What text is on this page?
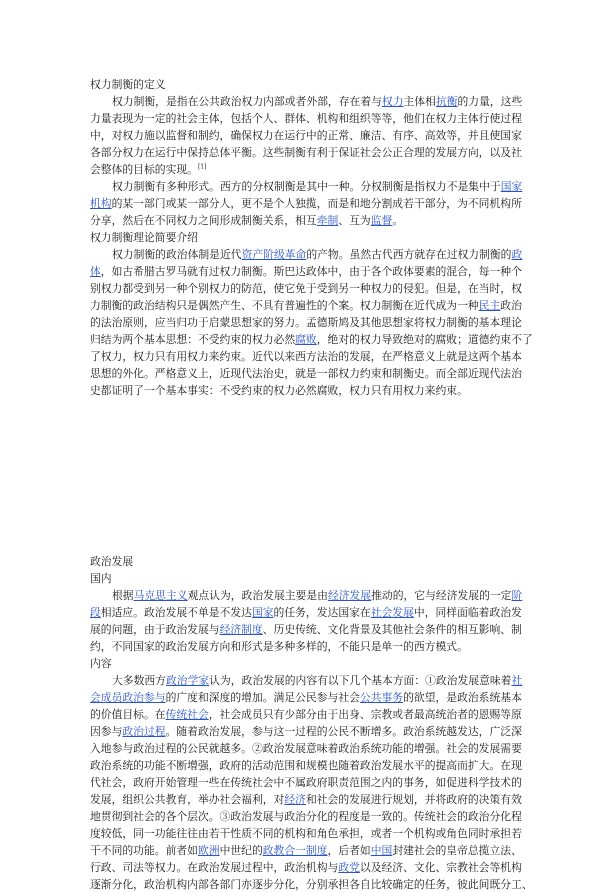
权力制衡的定义
权力制衡，是指在公共政治权力内部或者外部，存在着与权力主体相抗衡的力量，这些
力量表现为一定的社会主体，包括个人、群体、机构和组织等等，他们在权力主体行使过程
中，对权力施以监督和制约，确保权力在运行中的正常、廉洁、有序、高效等，并且使国家
各部分权力在运行中保持总体平衡。这些制衡有利于保证社会公正合理的发展方向，以及社
会整体的目标的实现。[1]
权力制衡有多种形式。西方的分权制衡是其中一种。分权制衡是指权力不是集中于国家
机构的某一部门或某一部分人，更不是个人独揽，而是和地分割成若干部分，为不同机构所
分享，然后在不同权力之间形成制衡关系，相互牵制、互为监督。
权力制衡理论简要介绍
权力制衡的政治体制是近代资产阶级革命的产物。虽然古代西方就存在过权力制衡的政
体，如古希腊古罗马就有过权力制衡。斯巴达政体中，由于各个政体要素的混合，每一种个
别权力都受到另一种个别权力的防范，使它免于受到另一种权力的侵犯。但是，在当时，权
力制衡的政治结构只是偶然产生、不具有普遍性的个案。权力制衡在近代成为一种民主政治
的法治原则，应当归功于启蒙思想家的努力。孟德斯鸠及其他思想家将权力制衡的基本理论
归结为两个基本思想：不受约束的权力必然腐败，绝对的权力导致绝对的腐败；道德约束不了
了权力，权力只有用权力来约束。近代以来西方法治的发展，在严格意义上就是这两个基本
思想的外化。严格意义上，近现代法治史，就是一部权力约束和制衡史。而全部近现代法治
史都证明了一个基本事实：不受约束的权力必然腐败，权力只有用权力来约束。
政治发展
国内
根据马克思主义观点认为，政治发展主要是由经济发展推动的，它与经济发展的一定阶
段相适应。政治发展不单是不发达国家的任务，发达国家在社会发展中，同样面临着政治发
展的问题，由于政治发展与经济制度、历史传统、文化背景及其他社会条件的相互影响、制
约，不同国家的政治发展方向和形式是多种多样的，不能只是单一的西方模式。
内容
大多数西方政治学家认为，政治发展的内容有以下几个基本方面：①政治发展意味着社
会成员政治参与的广度和深度的增加。满足公民参与社会公共事务的欲望，是政治系统基本
的价值目标。在传统社会，社会成员只有少部分由于出身、宗教或者最高统治者的恩赐等原
因参与政治过程。随着政治发展，参与这一过程的公民不断增多。政治系统越发达，广泛深
入地参与政治过程的公民就越多。②政治发展意味着政治系统功能的增强。社会的发展需要
政治系统的功能不断增强，政府的活动范围和规模也随着政治发展水平的提高而扩大。在现
代社会，政府开始管理一些在传统社会中不属政府职责范围之内的事务，如促进科学技术的
发展，组织公共教育，举办社会福利，对经济和社会的发展进行规划，并将政府的决策有效
地贯彻到社会的各个层次。③政治发展与政治分化的程度是一致的。传统社会的政治分化程
度较低，同一功能往往由若干性质不同的机构和角色承担，或者一个机构或角色同时承担若
干不同的功能。前者如欧洲中世纪的政教合一制度，后者如中国封建社会的皇帝总揽立法、
行政、司法等权力。在政治发展过程中，政治机构与政党以及经济、文化、宗教社会等机构
逐渐分化，政治机构内部各部门亦逐步分化，分别承担各自比较确定的任务，彼此间既分工、
